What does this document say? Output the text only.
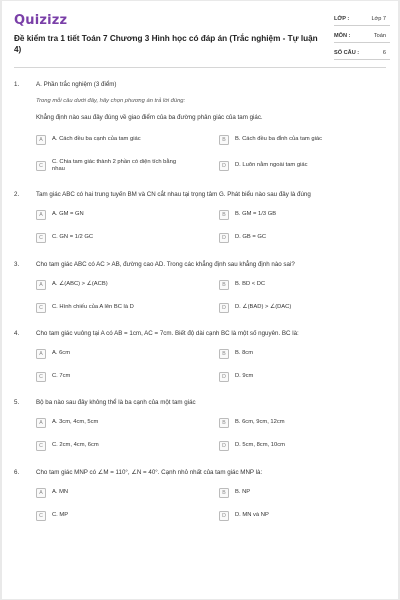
Quizizz
Đề kiểm tra 1 tiết Toán 7 Chương 3 Hình học có đáp án (Trắc nghiệm - Tự luận 4)
LỚP :	Lớp 7
MÔN :	Toán
SỐ CÂU :	6
1.	A. Phần trắc nghiệm (3 điểm)
Trong mỗi câu dưới đây, hãy chọn phương án trả lời đúng:
Khẳng định nào sau đây đúng về giao điểm của ba đường phân giác của tam giác.
A	A. Cách đều ba cạnh của tam giác	B	B. Cách đều ba đỉnh của tam giác
C
C. Chia tam giác thành 2 phần có diện tích bằng nhau	D	D. Luôn nằm ngoài tam giác
2.	Tam giác ABC có hai trung tuyến BM và CN cắt nhau tại trọng tâm G. Phát biểu nào sau đây là đúng
A	A. GM = GN	B	B. GM = 1/3 GB
C	C. GN = 1/2 GC	D	D. GB = GC
3.	Cho tam giác ABC có AC > AB, đường cao AD. Trong các khẳng định sau khẳng định nào sai?
A	A. ∠(ABC) > ∠(ACB)	B	B. BD < DC
C	C. Hình chiếu của A lên BC là D	D	D. ∠(BAD) > ∠(DAC)
4.	Cho tam giác vuông tại A có AB = 1cm, AC = 7cm. Biết độ dài cạnh BC là một số nguyên. BC là:
A	A. 6cm	B	B. 8cm
C	C. 7cm	D	D. 9cm
5.	Bộ ba nào sau đây không thể là ba cạnh của một tam giác
A	A. 3cm, 4cm, 5cm	B	B. 6cm, 9cm, 12cm
C	C. 2cm, 4cm, 6cm	D	D. 5cm, 8cm, 10cm
6.	Cho tam giác MNP có ∠M = 110°, ∠N = 40°. Cạnh nhỏ nhất của tam giác MNP là:
A	A. MN	B	B. NP
C	C. MP	D	D. MN và NP
